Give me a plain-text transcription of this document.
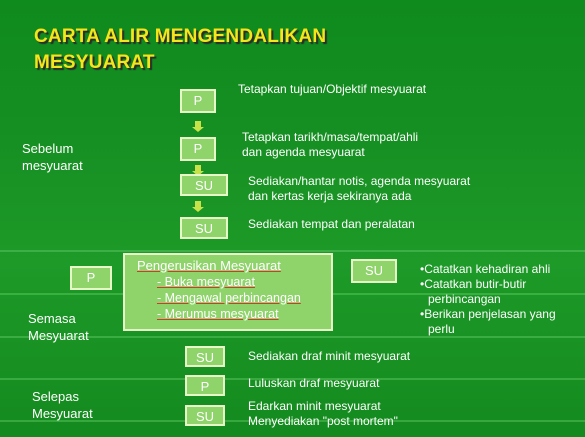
CARTA ALIR MENGENDALIKAN
MESYUARAT
Sebelum
mesyuarat
Semasa
Mesyuarat
Selepas
Mesyuarat
P
Tetapkan tujuan/Objektif mesyuarat
P
Tetapkan tarikh/masa/tempat/ahli
dan agenda mesyuarat
SU	Sediakan/hantar notis, agenda mesyuarat
dan kertas kerja sekiranya ada
SU	Sediakan tempat dan peralatan
P
Pengerusikan Mesyuarat
- Buka mesyuarat
- Mengawal perbincangan
- Merumus mesyuarat
SU	•Catatkan kehadiran ahli
•Catatkan butir-butir
perbincangan
•Berikan penjelasan yang
perlu
SU	Sediakan draf minit mesyuarat
P	Luluskan draf mesyuarat
SU
Edarkan minit mesyuarat
Menyediakan "post mortem"
